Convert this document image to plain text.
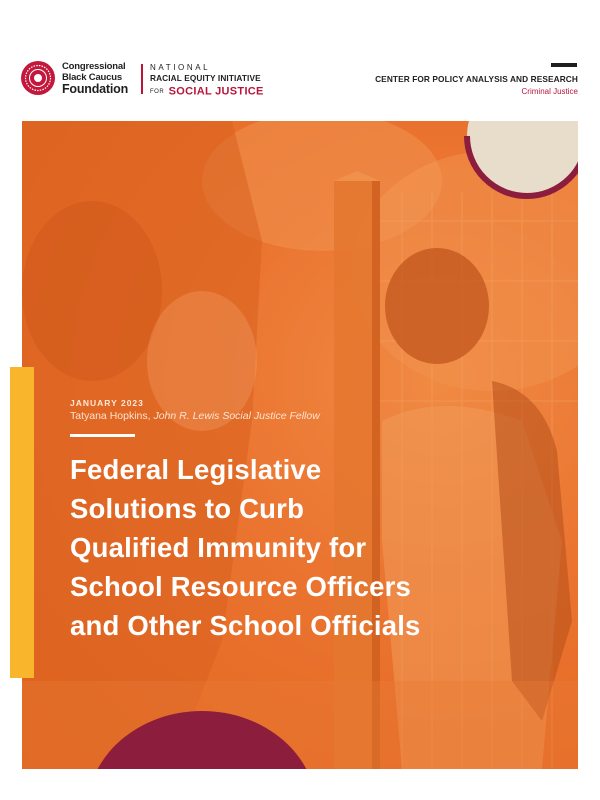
Congressional
Black Caucus
Foundation
NATIONAL
RACIAL EQUITY INITIATIVE
FOR SOCIAL JUSTICE
CENTER FOR POLICY ANALYSIS AND RESEARCH
Criminal Justice
JANUARY 2023
Tatyana Hopkins, John R. Lewis Social Justice Fellow
Federal Legislative
Solutions to Curb
Qualified Immunity for
School Resource Officers
and Other School Officials
